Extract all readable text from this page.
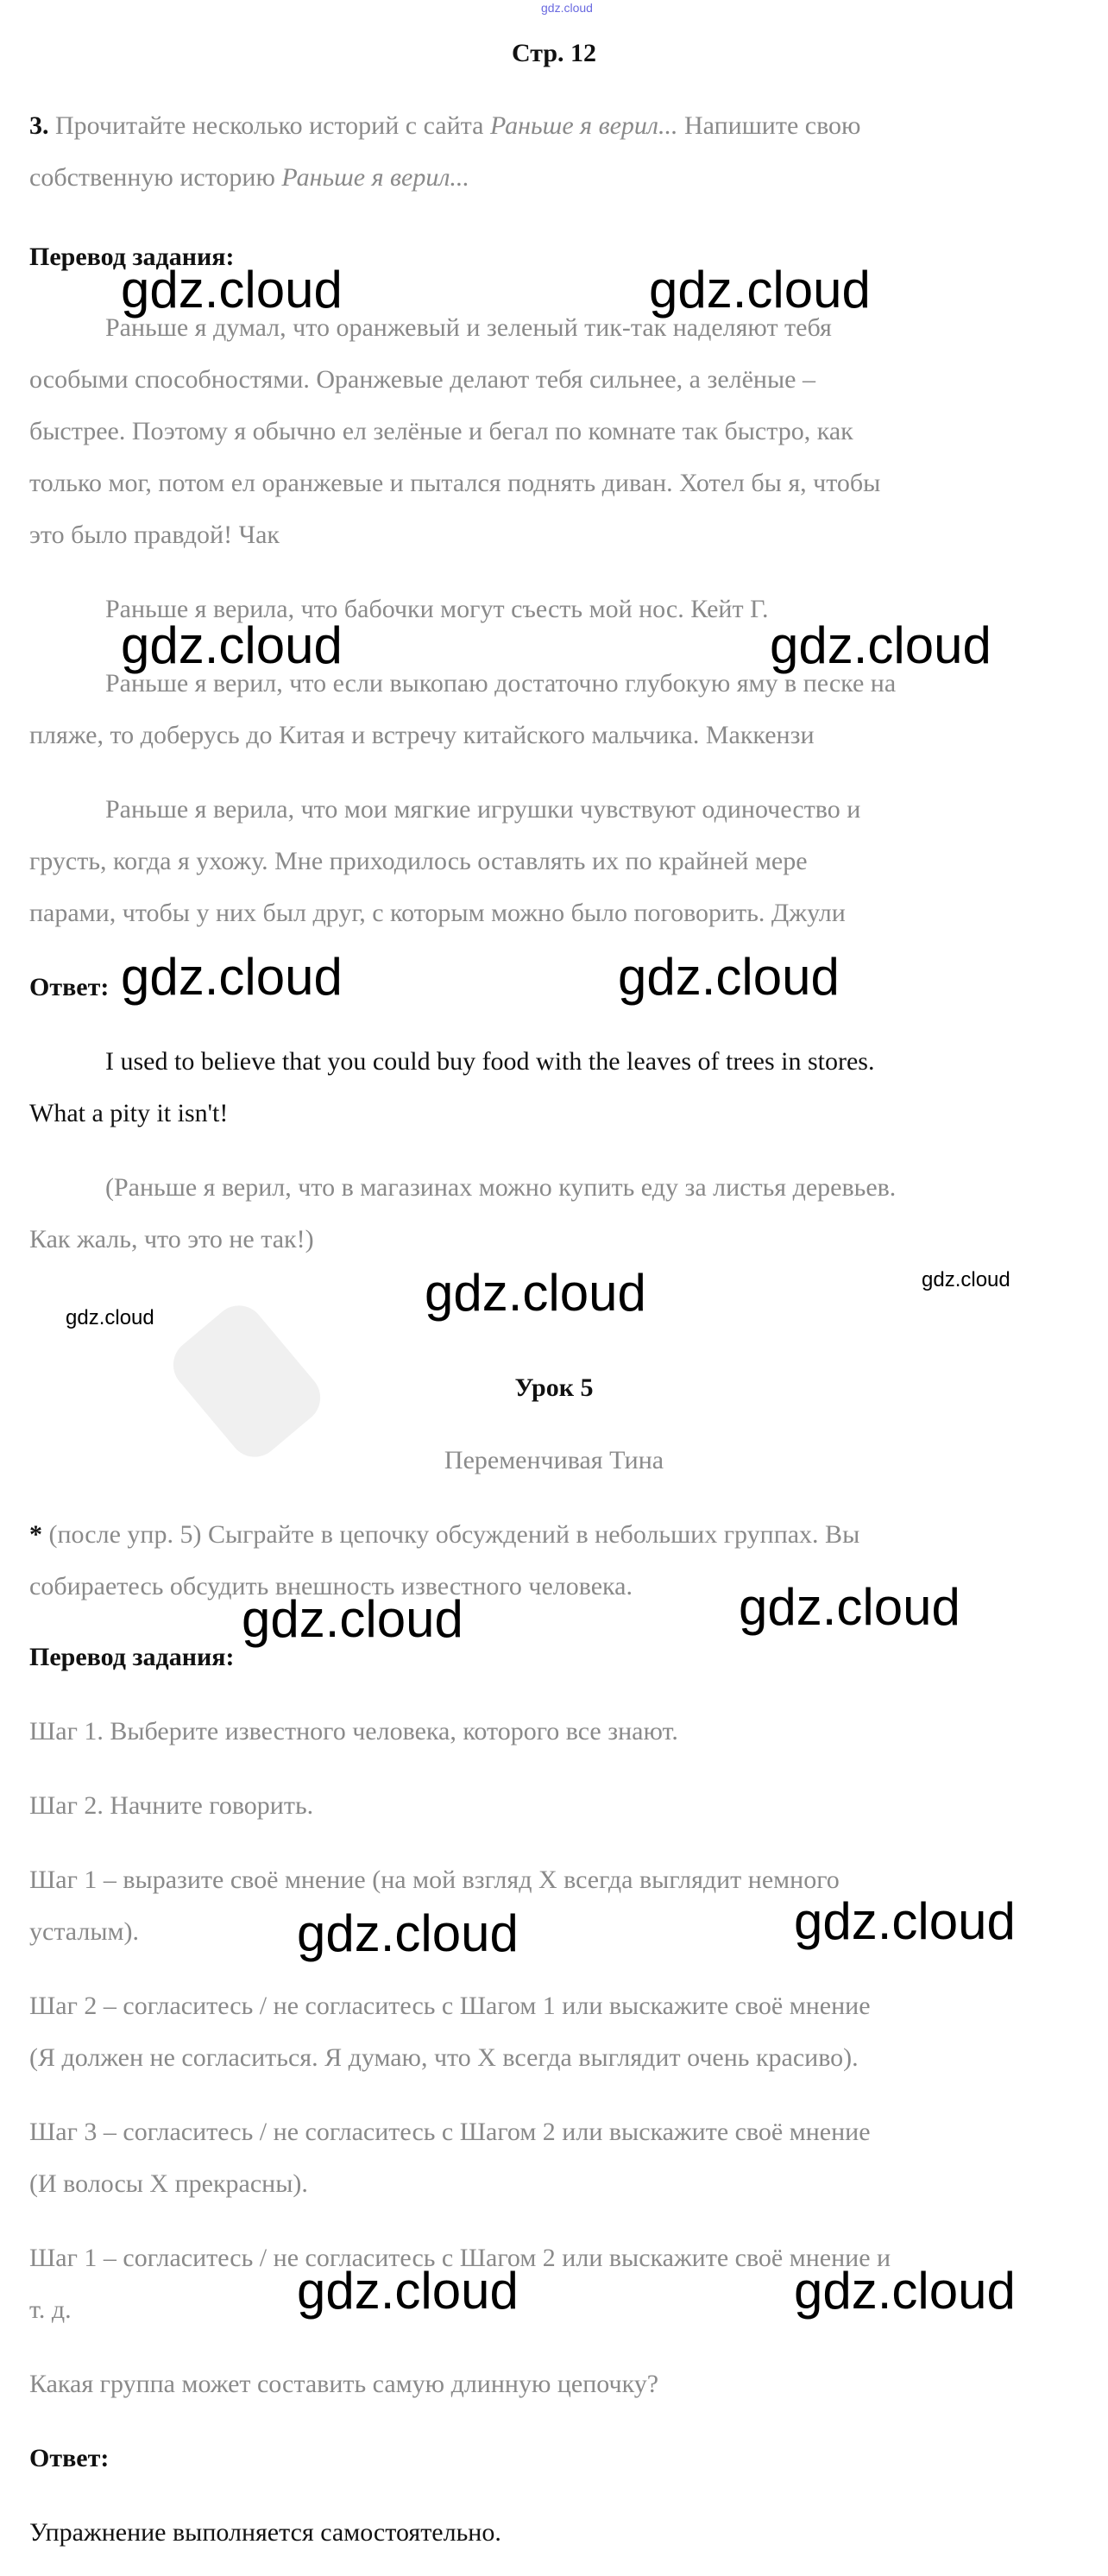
gdz.cloud
Стр. 12
3. Прочитайте несколько историй с сайта Раньше я верил... Напишите свою
собственную историю Раньше я верил...
Перевод задания:
Раньше я думал, что оранжевый и зеленый тик-так наделяют тебя
особыми способностями. Оранжевые делают тебя сильнее, а зелёные –
быстрее. Поэтому я обычно ел зелёные и бегал по комнате так быстро, как
только мог, потом ел оранжевые и пытался поднять диван. Хотел бы я, чтобы
это было правдой! Чак
Раньше я верила, что бабочки могут съесть мой нос. Кейт Г.
Раньше я верил, что если выкопаю достаточно глубокую яму в песке на
пляже, то доберусь до Китая и встречу китайского мальчика. Маккензи
Раньше я верила, что мои мягкие игрушки чувствуют одиночество и
грусть, когда я ухожу. Мне приходилось оставлять их по крайней мере
парами, чтобы у них был друг, с которым можно было поговорить. Джули
Ответ:
I used to believe that you could buy food with the leaves of trees in stores.
What a pity it isn't!
(Раньше я верил, что в магазинах можно купить еду за листья деревьев.
Как жаль, что это не так!)
Урок 5
Переменчивая Тина
* (после упр. 5) Сыграйте в цепочку обсуждений в небольших группах. Вы
собираетесь обсудить внешность известного человека.
Перевод задания:
Шаг 1. Выберите известного человека, которого все знают.
Шаг 2. Начните говорить.
Шаг 1 – выразите своё мнение (на мой взгляд X всегда выглядит немного
усталым).
Шаг 2 – согласитесь / не согласитесь с Шагом 1 или выскажите своё мнение
(Я должен не согласиться. Я думаю, что X всегда выглядит очень красиво).
Шаг 3 – согласитесь / не согласитесь с Шагом 2 или выскажите своё мнение
(И волосы X прекрасны).
Шаг 1 – согласитесь / не согласитесь с Шагом 2 или выскажите своё мнение и
т. д.
Какая группа может составить самую длинную цепочку?
Ответ:
Упражнение выполняется самостоятельно.
gdz.cloud	gdz.cloud
gdz.cloud	gdz.cloud
gdz.cloud	gdz.cloud
gdz.cloud	gdz.cloud
gdz.cloud
gdz.cloud	gdz.cloud
gdz.cloud	gdz.cloud
gdz.cloud	gdz.cloud
